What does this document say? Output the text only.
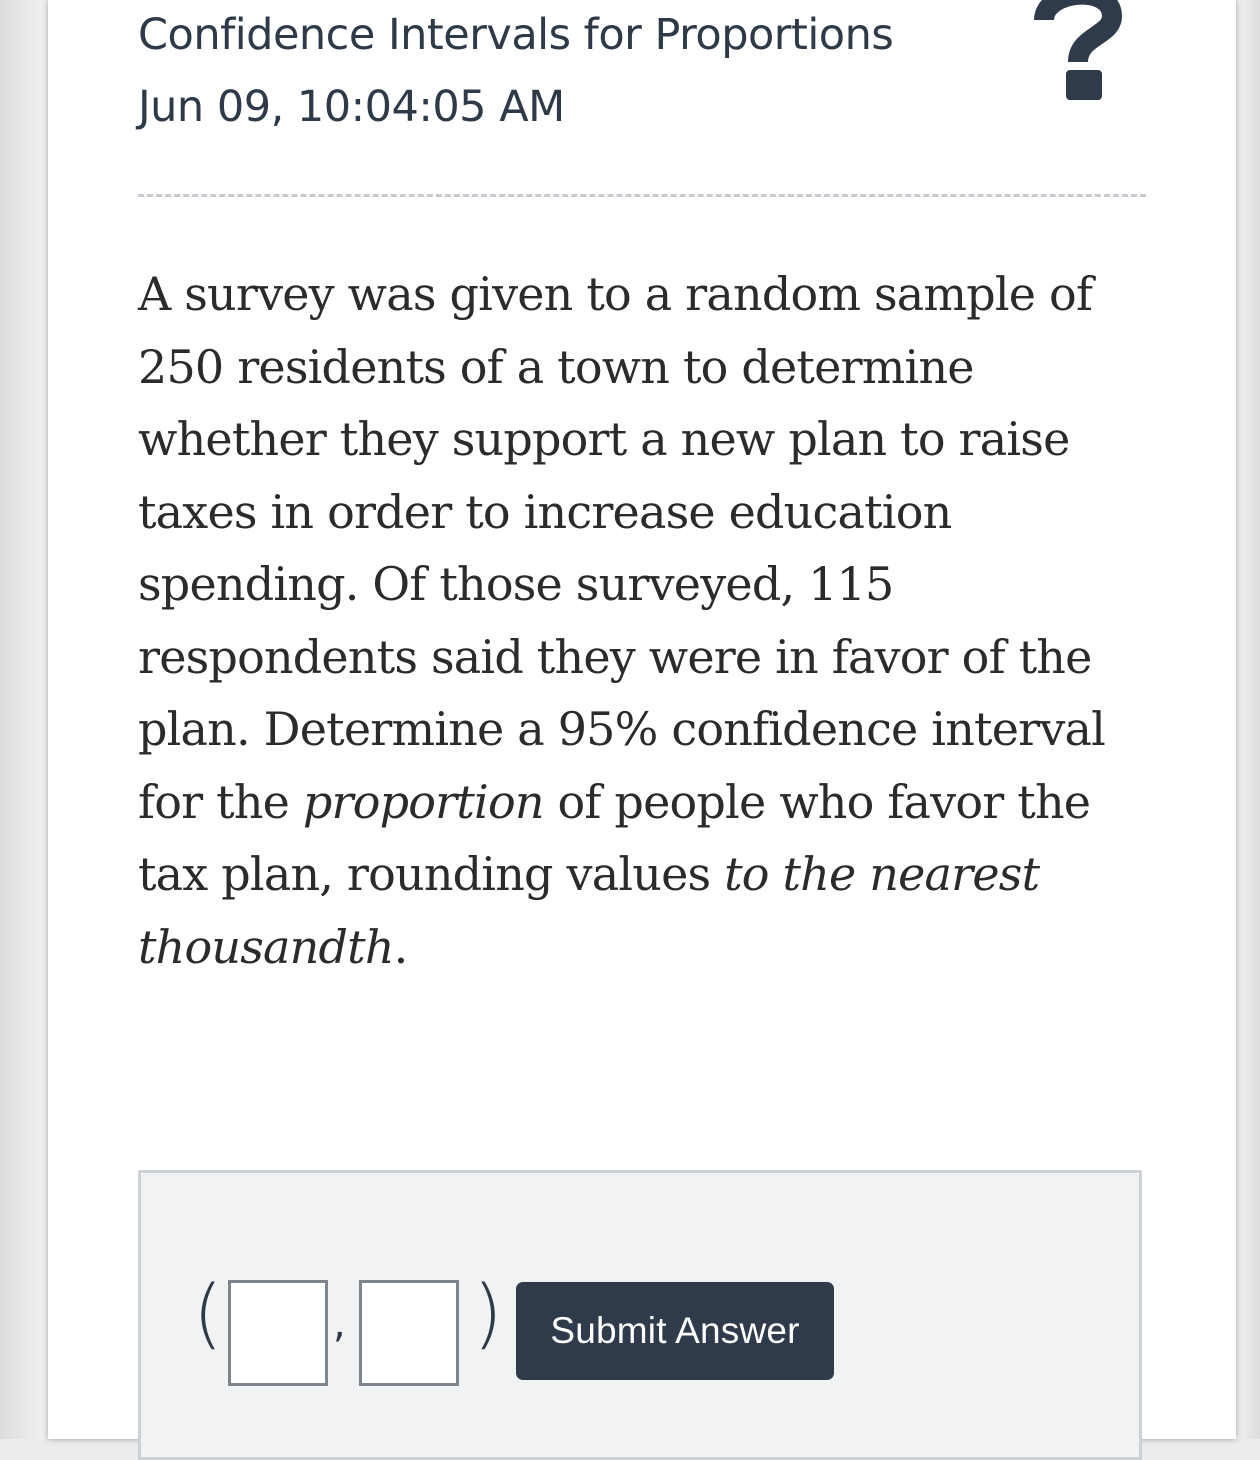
Confidence Intervals for Proportions
Jun 09, 10:04:05 AM
A survey was given to a random sample of 250 residents of a town to determine whether they support a new plan to raise taxes in order to increase education spending. Of those surveyed, 115 respondents said they were in favor of the plan. Determine a 95% confidence interval for the proportion of people who favor the tax plan, rounding values to the nearest thousandth.
(	, )	Submit Answer
